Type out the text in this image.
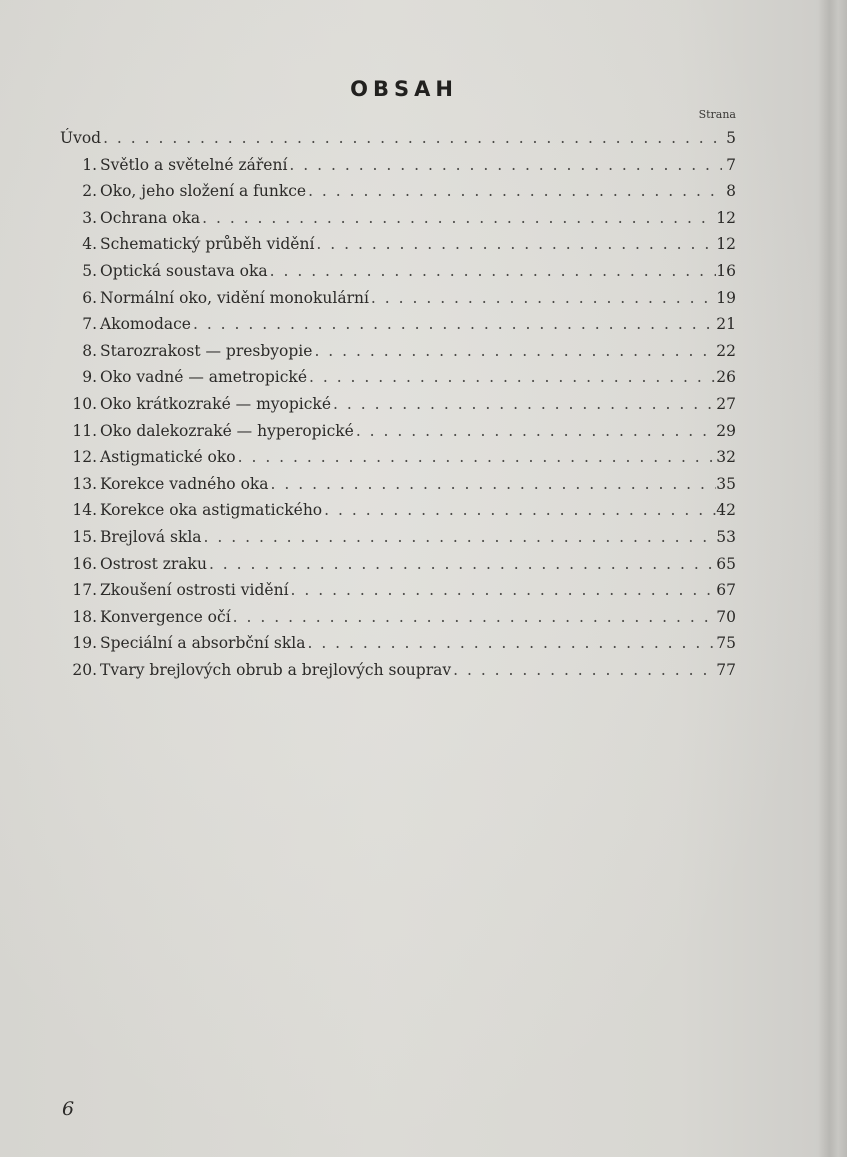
OBSAH
Strana
Úvod . . .	5
1. Světlo a světelné záření . . .	7
2. Oko, jeho složení a funkce . . .	8
3. Ochrana oka . . .	12
4. Schematický průběh vidění . . .	12
5. Optická soustava oka . . .	16
6. Normální oko, vidění monokulární . . .	19
7. Akomodace . . .	21
8. Starozrakost — presbyopie . . .	22
9. Oko vadné — ametropické . . .	26
10. Oko krátkozraké — myopické . . .	27
11. Oko dalekozraké — hyperopické . . .	29
12. Astigmatické oko . . .	32
13. Korekce vadného oka . . .	35
14. Korekce oka astigmatického . . .	42
15. Brejlová skla . . .	53
16. Ostrost zraku . . .	65
17. Zkoušení ostrosti vidění . . .	67
18. Konvergence očí . . .	70
19. Speciální a absorbční skla . . .	75
20. Tvary brejlových obrub a brejlových souprav . . .	77
6
